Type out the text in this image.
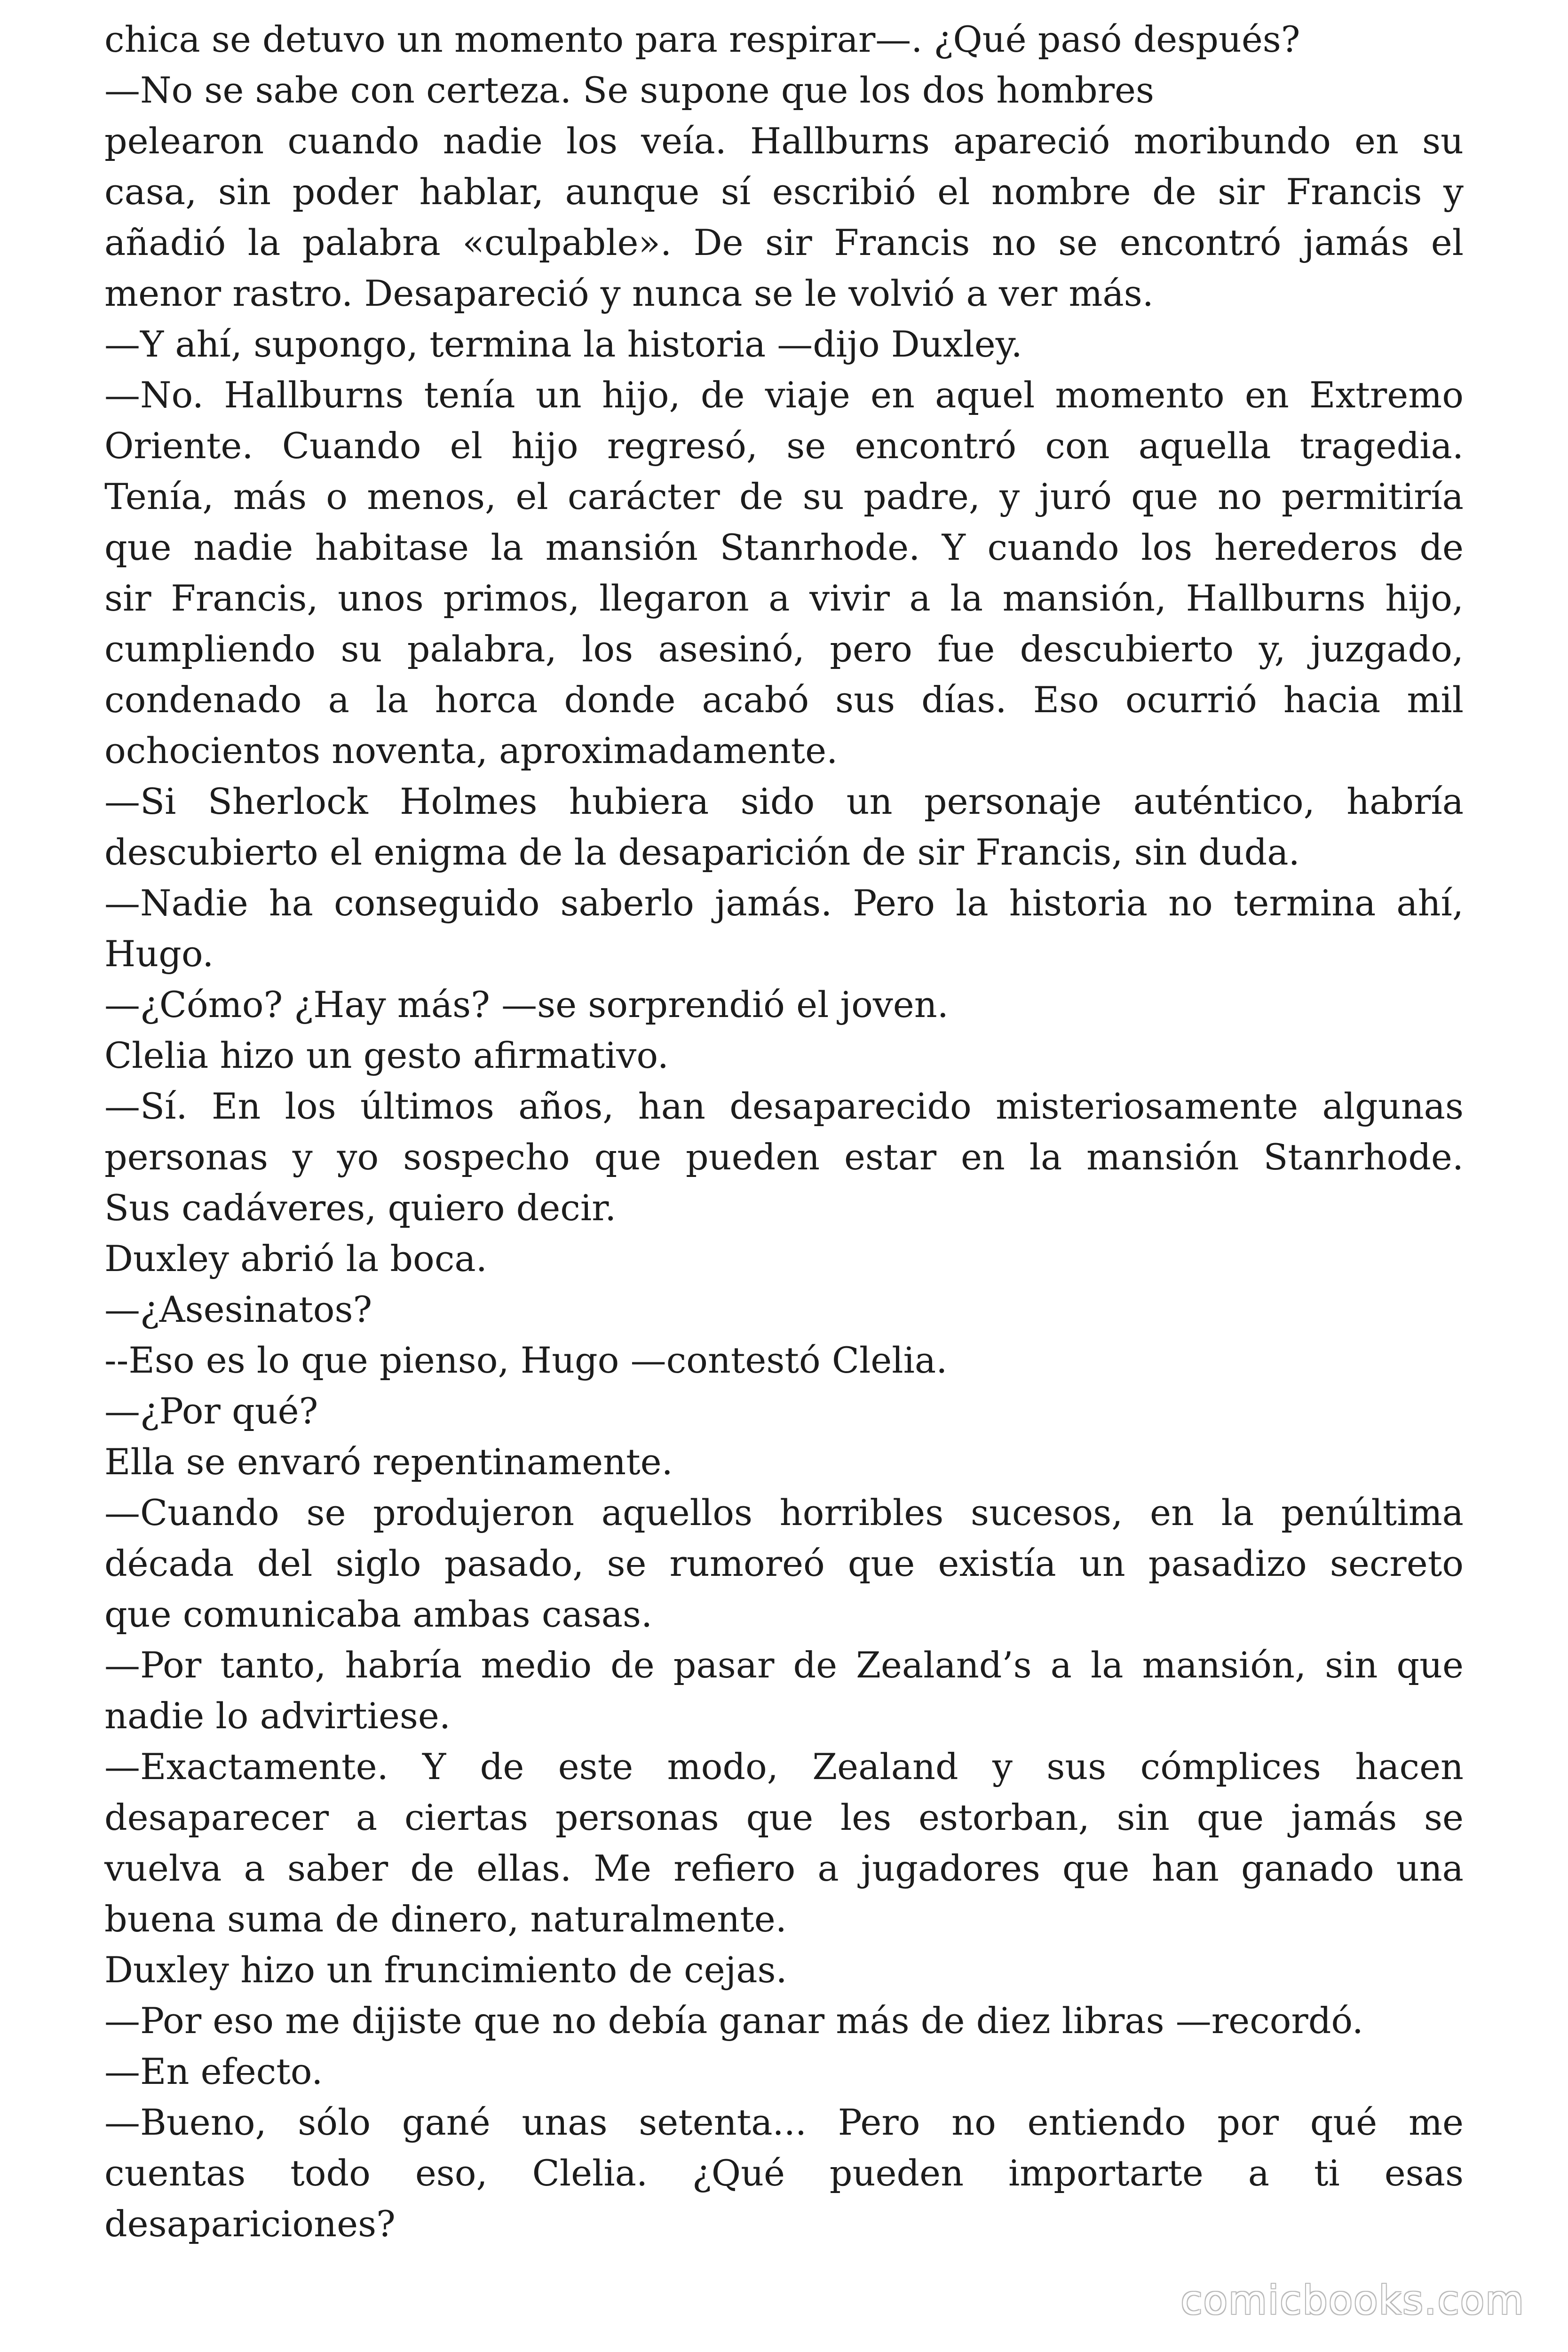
chica se detuvo un momento para respirar—. ¿Qué pasó después?
—No se sabe con certeza. Se supone que los dos hombres
pelearon cuando nadie los veía. Hallburns apareció moribundo en su
casa, sin poder hablar, aunque sí escribió el nombre de sir Francis y
añadió la palabra «culpable». De sir Francis no se encontró jamás el
menor rastro. Desapareció y nunca se le volvió a ver más.
—Y ahí, supongo, termina la historia —dijo Duxley.
—No. Hallburns tenía un hijo, de viaje en aquel momento en Extremo
Oriente. Cuando el hijo regresó, se encontró con aquella tragedia.
Tenía, más o menos, el carácter de su padre, y juró que no permitiría
que nadie habitase la mansión Stanrhode. Y cuando los herederos de
sir Francis, unos primos, llegaron a vivir a la mansión, Hallburns hijo,
cumpliendo su palabra, los asesinó, pero fue descubierto y, juzgado,
condenado a la horca donde acabó sus días. Eso ocurrió hacia mil
ochocientos noventa, aproximadamente.
—Si Sherlock Holmes hubiera sido un personaje auténtico, habría
descubierto el enigma de la desaparición de sir Francis, sin duda.
—Nadie ha conseguido saberlo jamás. Pero la historia no termina ahí,
Hugo.
—¿Cómo? ¿Hay más? —se sorprendió el joven.
Clelia hizo un gesto afirmativo.
—Sí. En los últimos años, han desaparecido misteriosamente algunas
personas y yo sospecho que pueden estar en la mansión Stanrhode.
Sus cadáveres, quiero decir.
Duxley abrió la boca.
—¿Asesinatos?
--Eso es lo que pienso, Hugo —contestó Clelia.
—¿Por qué?
Ella se envaró repentinamente.
—Cuando se produjeron aquellos horribles sucesos, en la penúltima
década del siglo pasado, se rumoreó que existía un pasadizo secreto
que comunicaba ambas casas.
—Por tanto, habría medio de pasar de Zealand’s a la mansión, sin que
nadie lo advirtiese.
—Exactamente. Y de este modo, Zealand y sus cómplices hacen
desaparecer a ciertas personas que les estorban, sin que jamás se
vuelva a saber de ellas. Me refiero a jugadores que han ganado una
buena suma de dinero, naturalmente.
Duxley hizo un fruncimiento de cejas.
—Por eso me dijiste que no debía ganar más de diez libras —recordó.
—En efecto.
—Bueno, sólo gané unas setenta... Pero no entiendo por qué me
cuentas todo eso, Clelia. ¿Qué pueden importarte a ti esas
desapariciones?
comicbooks.com
